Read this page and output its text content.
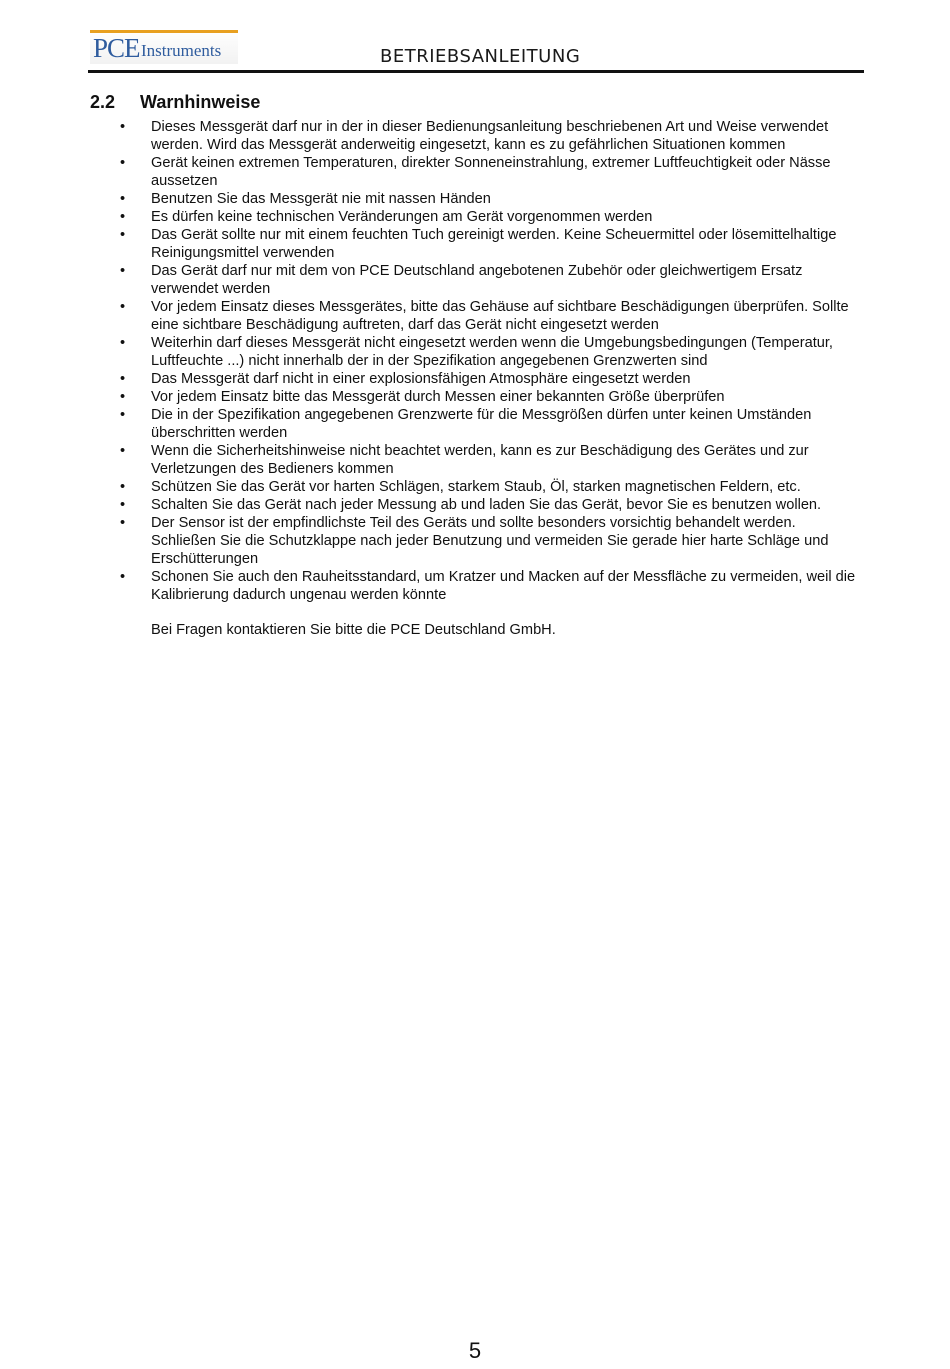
PCE Instruments	BETRIEBSANLEITUNG
2.2 Warnhinweise
• Dieses Messgerät darf nur in der in dieser Bedienungsanleitung beschriebenen Art und Weise verwendet werden. Wird das Messgerät anderweitig eingesetzt, kann es zu gefährlichen Situationen kommen
• Gerät keinen extremen Temperaturen, direkter Sonneneinstrahlung, extremer Luftfeuchtigkeit oder Nässe aussetzen
• Benutzen Sie das Messgerät nie mit nassen Händen
• Es dürfen keine technischen Veränderungen am Gerät vorgenommen werden
• Das Gerät sollte nur mit einem feuchten Tuch gereinigt werden. Keine Scheuermittel oder lösemittelhaltige Reinigungsmittel verwenden
• Das Gerät darf nur mit dem von PCE Deutschland angebotenen Zubehör oder gleichwertigem Ersatz verwendet werden
• Vor jedem Einsatz dieses Messgerätes, bitte das Gehäuse auf sichtbare Beschädigungen überprüfen. Sollte eine sichtbare Beschädigung auftreten, darf das Gerät nicht eingesetzt werden
• Weiterhin darf dieses Messgerät nicht eingesetzt werden wenn die Umgebungsbedingungen (Temperatur, Luftfeuchte ...) nicht innerhalb der in der Spezifikation angegebenen Grenzwerten sind
• Das Messgerät darf nicht in einer explosionsfähigen Atmosphäre eingesetzt werden
• Vor jedem Einsatz bitte das Messgerät durch Messen einer bekannten Größe überprüfen
• Die in der Spezifikation angegebenen Grenzwerte für die Messgrößen dürfen unter keinen Umständen überschritten werden
• Wenn die Sicherheitshinweise nicht beachtet werden, kann es zur Beschädigung des Gerätes und zur Verletzungen des Bedieners kommen
• Schützen Sie das Gerät vor harten Schlägen, starkem Staub, Öl, starken magnetischen Feldern, etc.
• Schalten Sie das Gerät nach jeder Messung ab und laden Sie das Gerät, bevor Sie es benutzen wollen.
• Der Sensor ist der empfindlichste Teil des Geräts und sollte besonders vorsichtig behandelt werden. Schließen Sie die Schutzklappe nach jeder Benutzung und vermeiden Sie gerade hier harte Schläge und Erschütterungen
• Schonen Sie auch den Rauheitsstandard, um Kratzer und Macken auf der Messfläche zu vermeiden, weil die Kalibrierung dadurch ungenau werden könnte

Bei Fragen kontaktieren Sie bitte die PCE Deutschland GmbH.

5
